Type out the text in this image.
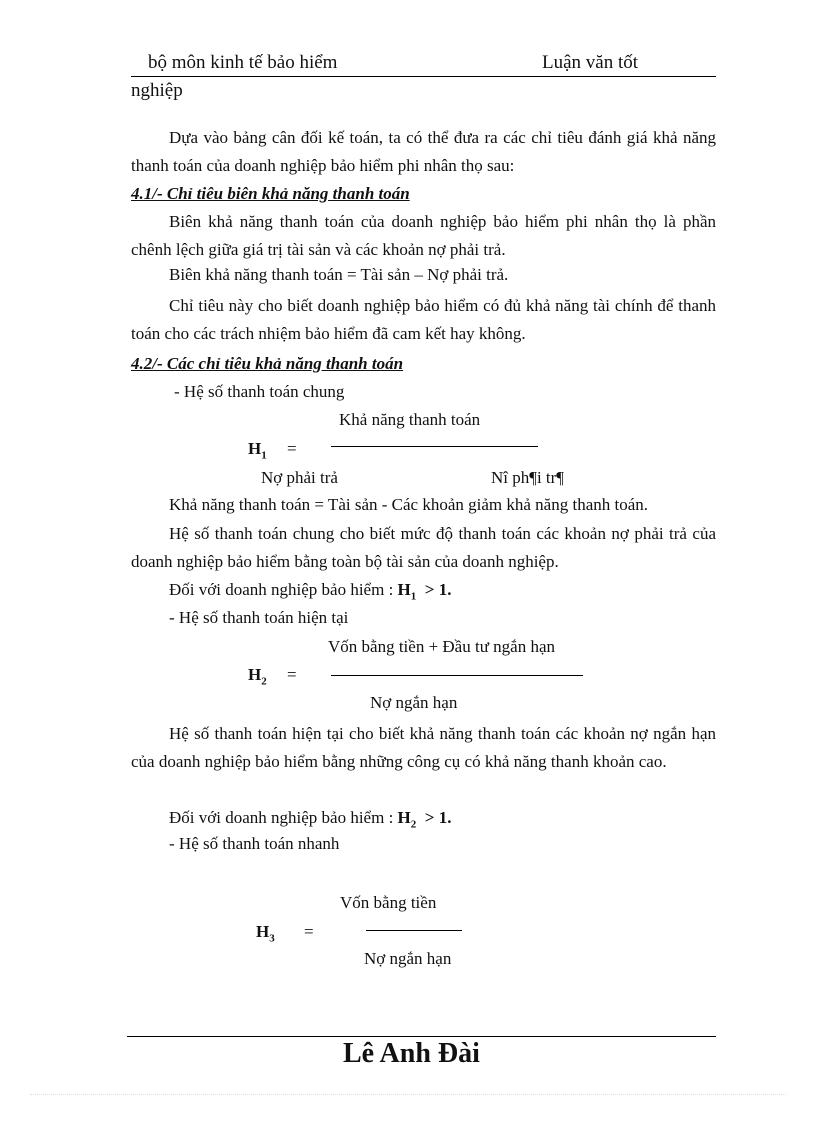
bộ môn kinh tế bảo hiểm	Luận văn tốt
nghiệp
Dựa vào bảng cân đối kế toán, ta có thể đưa ra các chỉ tiêu đánh giá khả năng thanh toán của doanh nghiệp bảo hiểm phi nhân thọ sau:
4.1/- Chỉ tiêu biên khả năng thanh toán
Biên khả năng thanh toán của doanh nghiệp bảo hiểm phi nhân thọ là phần chênh lệch giữa giá trị tài sản và các khoản nợ phải trả.
Biên khả năng thanh toán = Tài sản – Nợ phải trả.
Chỉ tiêu này cho biết doanh nghiệp bảo hiểm có đủ khả năng tài chính để thanh toán cho các trách nhiệm bảo hiểm đã cam kết hay không.
4.2/- Các chỉ tiêu khả năng thanh toán
- Hệ số thanh toán chung
Khả năng thanh toán
$H_1$ =
Nợ phải trả	Nî ph¶i tr¶
Khả năng thanh toán = Tài sản - Các khoản giảm khả năng thanh toán.
Hệ số thanh toán chung cho biết mức độ thanh toán các khoản nợ phải trả của doanh nghiệp bảo hiểm bằng toàn bộ tài sản của doanh nghiệp.
Đối với doanh nghiệp bảo hiểm : $H_1 > 1$.
- Hệ số thanh toán hiện tại
Vốn bằng tiền + Đầu tư ngắn hạn
$H_2$ =
Nợ ngắn hạn
Hệ số thanh toán hiện tại cho biết khả năng thanh toán các khoản nợ ngắn hạn của doanh nghiệp bảo hiểm bằng những công cụ có khả năng thanh khoản cao.
Đối với doanh nghiệp bảo hiểm : $H_2 > 1$.
- Hệ số thanh toán nhanh
Vốn bằng tiền
$H_3$ =
Nợ ngắn hạn
Lê Anh Đài
